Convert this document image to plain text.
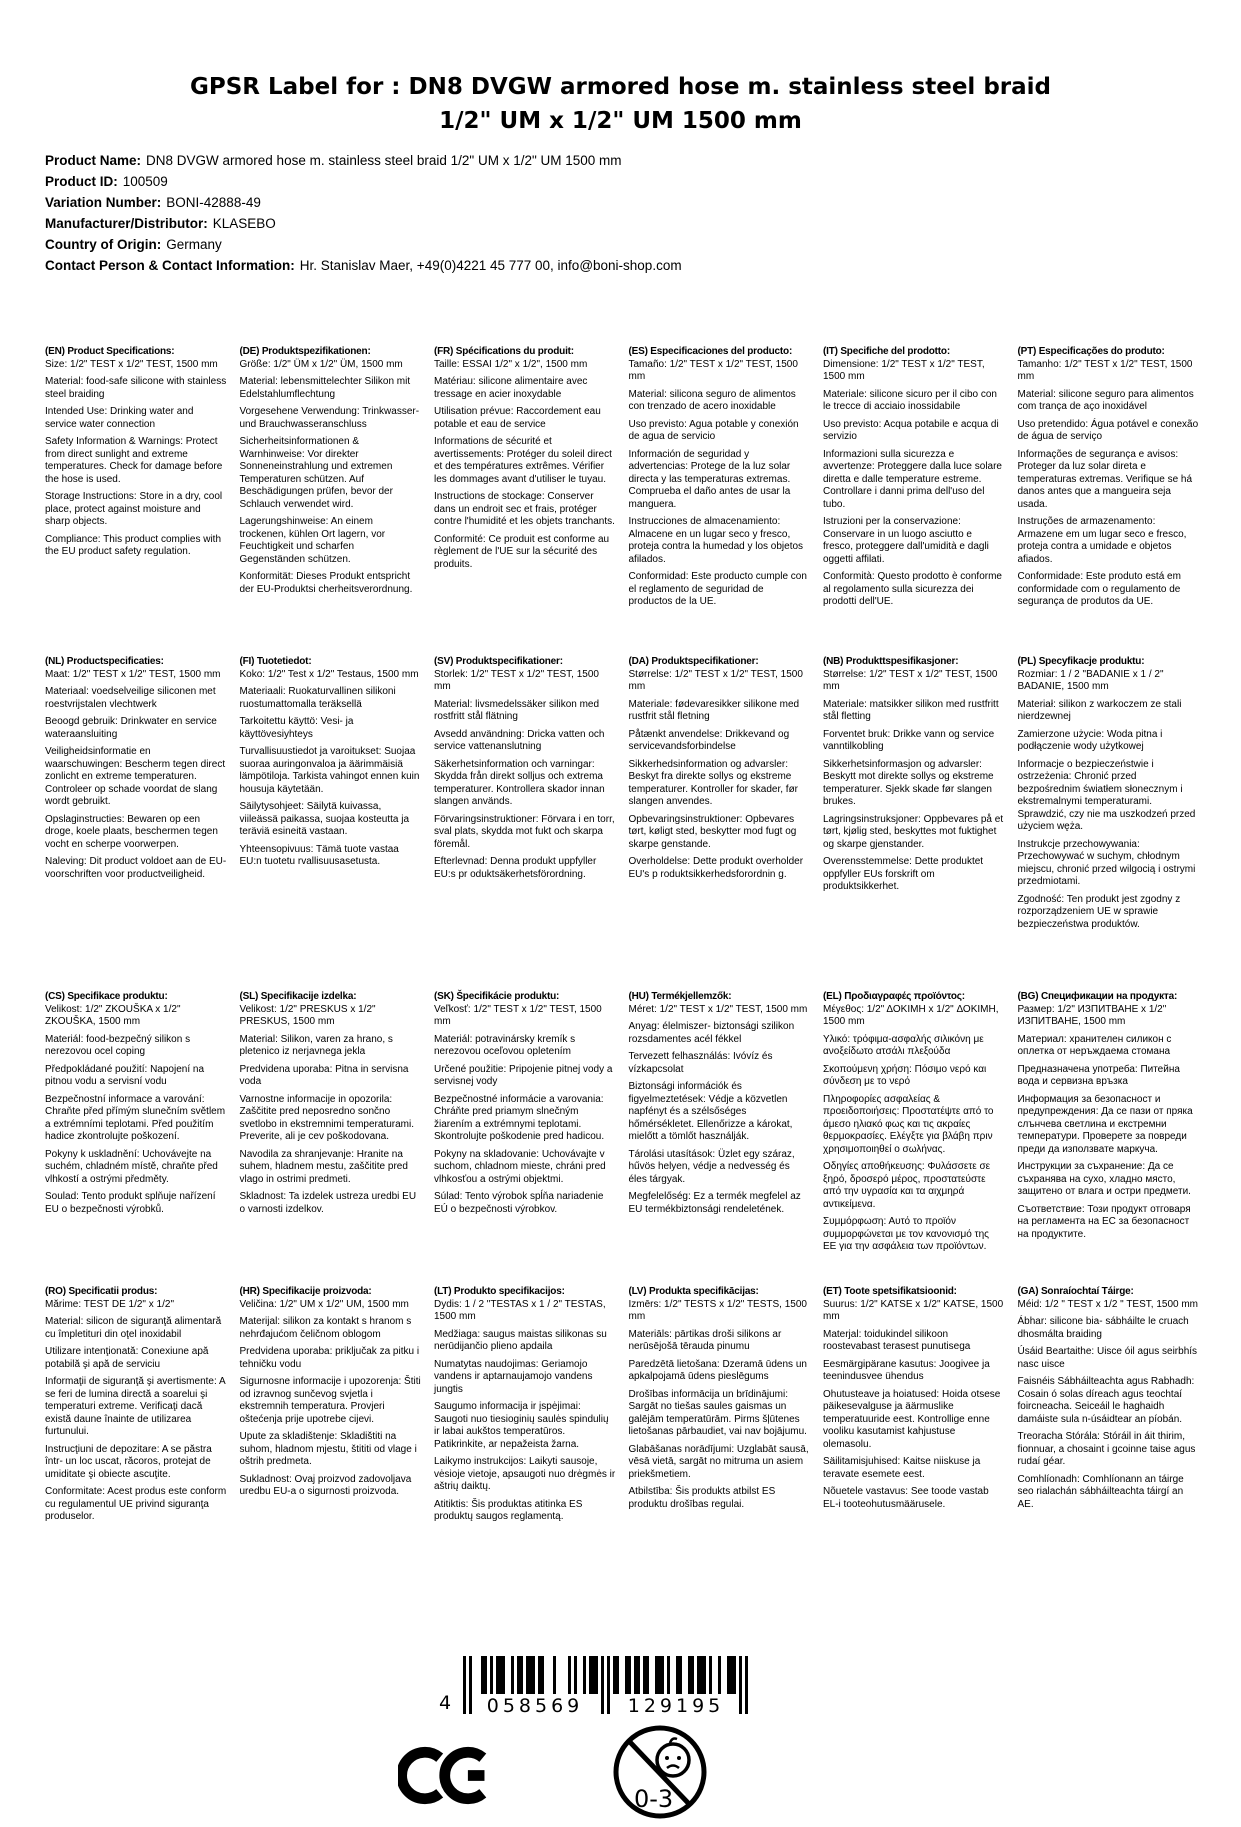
GPSR Label for : DN8 DVGW armored hose m. stainless steel braid
1/2" UM x 1/2" UM 1500 mm
Product Name: DN8 DVGW armored hose m. stainless steel braid 1/2" UM x 1/2" UM 1500 mm
Product ID: 100509
Variation Number: BONI-42888-49
Manufacturer/Distributor: KLASEBO
Country of Origin: Germany
Contact Person & Contact Information: Hr. Stanislav Maer, +49(0)4221 45 777 00, info@boni-shop.com
(EN) Product Specifications:

Size: 1/2" TEST x 1/2" TEST, 1500 mm

Material: food-safe silicone with stainless steel braiding

Intended Use: Drinking water and service water connection

Safety Information & Warnings: Protect from direct sunlight and extreme temperatures. Check for damage before the hose is used.

Storage Instructions: Store in a dry, cool place, protect against moisture and sharp objects.

Compliance: This product complies with the EU product safety regulation.

(DE) Produktspezifikationen:

Größe: 1/2" ÜM x 1/2" ÜM, 1500 mm

Material: lebensmittelechter Silikon mit Edelstahlumflechtung

Vorgesehene Verwendung: Trinkwasser- und Brauchwasseranschluss

Sicherheitsinformationen & Warnhinweise: Vor direkter Sonneneinstrahlung und extremen Temperaturen schützen. Auf Beschädigungen prüfen, bevor der Schlauch verwendet wird.

Lagerungshinweise: An einem trockenen, kühlen Ort lagern, vor Feuchtigkeit und scharfen Gegenständen schützen.

Konformität: Dieses Produkt entspricht der EU-Produktsi cherheitsverordnung.

(FR) Spécifications du produit:

Taille: ESSAI 1/2" x 1/2", 1500 mm

Matériau: silicone alimentaire avec tressage en acier inoxydable

Utilisation prévue: Raccordement eau potable et eau de service

Informations de sécurité et avertissements: Protéger du soleil direct et des températures extrêmes. Vérifier les dommages avant d'utiliser le tuyau.

Instructions de stockage: Conserver dans un endroit sec et frais, protéger contre l'humidité et les objets tranchants.

Conformité: Ce produit est conforme au règlement de l'UE sur la sécurité des produits.

(ES) Especificaciones del producto:

Tamaño: 1/2" TEST x 1/2" TEST, 1500 mm

Material: silicona seguro de alimentos con trenzado de acero inoxidable

Uso previsto: Agua potable y conexión de agua de servicio

Información de seguridad y advertencias: Protege de la luz solar directa y las temperaturas extremas. Comprueba el daño antes de usar la manguera.

Instrucciones de almacenamiento: Almacene en un lugar seco y fresco, proteja contra la humedad y los objetos afilados.

Conformidad: Este producto cumple con el reglamento de seguridad de productos de la UE.

(IT) Specifiche del prodotto:

Dimensione: 1/2" TEST x 1/2" TEST, 1500 mm

Materiale: silicone sicuro per il cibo con le trecce di acciaio inossidabile

Uso previsto: Acqua potabile e acqua di servizio

Informazioni sulla sicurezza e avvertenze: Proteggere dalla luce solare diretta e dalle temperature estreme. Controllare i danni prima dell'uso del tubo.

Istruzioni per la conservazione: Conservare in un luogo asciutto e fresco, proteggere dall'umidità e dagli oggetti affilati.

Conformità: Questo prodotto è conforme al regolamento sulla sicurezza dei prodotti dell'UE.

(PT) Especificações do produto:

Tamanho: 1/2" TEST x 1/2" TEST, 1500 mm

Material: silicone seguro para alimentos com trança de aço inoxidável

Uso pretendido: Água potável e conexão de água de serviço

Informações de segurança e avisos: Proteger da luz solar direta e temperaturas extremas. Verifique se há danos antes que a mangueira seja usada.

Instruções de armazenamento: Armazene em um lugar seco e fresco, proteja contra a umidade e objetos afiados.

Conformidade: Este produto está em conformidade com o regulamento de segurança de produtos da UE.

(NL) Productspecificaties:

Maat: 1/2" TEST x 1/2" TEST, 1500 mm

Materiaal: voedselveilige siliconen met roestvrijstalen vlechtwerk

Beoogd gebruik: Drinkwater en service wateraansluiting

Veiligheidsinformatie en waarschuwingen: Bescherm tegen direct zonlicht en extreme temperaturen. Controleer op schade voordat de slang wordt gebruikt.

Opslaginstructies: Bewaren op een droge, koele plaats, beschermen tegen vocht en scherpe voorwerpen.

Naleving: Dit product voldoet aan de EU-voorschriften voor productveiligheid.

(FI) Tuotetiedot:

Koko: 1/2" Test x 1/2" Testaus, 1500 mm

Materiaali: Ruokaturvallinen silikoni ruostumattomalla teräksellä

Tarkoitettu käyttö: Vesi- ja käyttövesiyhteys

Turvallisuustiedot ja varoitukset: Suojaa suoraa auringonvaloa ja äärimmäisiä lämpötiloja. Tarkista vahingot ennen kuin housuja käytetään.

Säilytysohjeet: Säilytä kuivassa, viileässä paikassa, suojaa kosteutta ja teräviä esineitä vastaan.

Yhteensopivuus: Tämä tuote vastaa EU:n tuotetu rvallisuusasetusta.

(SV) Produktspecifikationer:

Storlek: 1/2" TEST x 1/2" TEST, 1500 mm

Material: livsmedelssäker silikon med rostfritt stål flätning

Avsedd användning: Dricka vatten och service vattenanslutning

Säkerhetsinformation och varningar: Skydda från direkt solljus och extrema temperaturer. Kontrollera skador innan slangen används.

Förvaringsinstruktioner: Förvara i en torr, sval plats, skydda mot fukt och skarpa föremål.

Efterlevnad: Denna produkt uppfyller EU:s pr oduktsäkerhetsförordning.

(DA) Produktspecifikationer:

Størrelse: 1/2" TEST x 1/2" TEST, 1500 mm

Materiale: fødevaresikker silikone med rustfrit stål fletning

Påtænkt anvendelse: Drikkevand og servicevandsforbindelse

Sikkerhedsinformation og advarsler: Beskyt fra direkte sollys og ekstreme temperaturer. Kontroller for skader, før slangen anvendes.

Opbevaringsinstruktioner: Opbevares tørt, køligt sted, beskytter mod fugt og skarpe genstande.

Overholdelse: Dette produkt overholder EU's p roduktsikkerhedsforordnin g.

(NB) Produkttspesifikasjoner:

Størrelse: 1/2" TEST x 1/2" TEST, 1500 mm

Materiale: matsikker silikon med rustfritt stål fletting

Forventet bruk: Drikke vann og service vanntilkobling

Sikkerhetsinformasjon og advarsler: Beskytt mot direkte sollys og ekstreme temperaturer. Sjekk skade før slangen brukes.

Lagringsinstruksjoner: Oppbevares på et tørt, kjølig sted, beskyttes mot fuktighet og skarpe gjenstander.

Overensstemmelse: Dette produktet oppfyller EUs forskrift om produktsikkerhet.

(PL) Specyfikacje produktu:

Rozmiar: 1 / 2 "BADANIE x 1 / 2" BADANIE, 1500 mm

Materiał: silikon z warkoczem ze stali nierdzewnej

Zamierzone użycie: Woda pitna i podłączenie wody użytkowej

Informacje o bezpieczeństwie i ostrzeżenia: Chronić przed bezpośrednim światłem słonecznym i ekstremalnymi temperaturami. Sprawdzić, czy nie ma uszkodzeń przed użyciem węża.

Instrukcje przechowywania: Przechowywać w suchym, chłodnym miejscu, chronić przed wilgocią i ostrymi przedmiotami.

Zgodność: Ten produkt jest zgodny z rozporządzeniem UE w sprawie bezpieczeństwa produktów.

(CS) Specifikace produktu:

Velikost: 1/2" ZKOUŠKA x 1/2" ZKOUŠKA, 1500 mm

Materiál: food-bezpečný silikon s nerezovou ocel coping

Předpokládané použití: Napojení na pitnou vodu a servisní vodu

Bezpečnostní informace a varování: Chraňte před přímým slunečním světlem a extrémními teplotami. Před použitím hadice zkontrolujte poškození.

Pokyny k uskladnění: Uchovávejte na suchém, chladném místě, chraňte před vlhkostí a ostrými předměty.

Soulad: Tento produkt splňuje nařízení EU o bezpečnosti výrobků.

(SL) Specifikacije izdelka:

Velikost: 1/2" PRESKUS x 1/2" PRESKUS, 1500 mm

Material: Silikon, varen za hrano, s pletenico iz nerjavnega jekla

Predvidena uporaba: Pitna in servisna voda

Varnostne informacije in opozorila: Zaščitite pred neposredno sončno svetlobo in ekstremnimi temperaturami. Preverite, ali je cev poškodovana.

Navodila za shranjevanje: Hranite na suhem, hladnem mestu, zaščitite pred vlago in ostrimi predmeti.

Skladnost: Ta izdelek ustreza uredbi EU o varnosti izdelkov.

(SK) Špecifikácie produktu:

Veľkosť: 1/2" TEST x 1/2" TEST, 1500 mm

Materiál: potravinársky kremík s nerezovou oceľovou opletením

Určené použitie: Pripojenie pitnej vody a servisnej vody

Bezpečnostné informácie a varovania: Chráňte pred priamym slnečným žiarením a extrémnymi teplotami. Skontrolujte poškodenie pred hadicou.

Pokyny na skladovanie: Uchovávajte v suchom, chladnom mieste, chráni pred vlhkosťou a ostrými objektmi.

Súlad: Tento výrobok spĺňa nariadenie EÚ o bezpečnosti výrobkov.

(HU) Termékjellemzők:

Méret: 1/2" TEST x 1/2" TEST, 1500 mm

Anyag: élelmiszer- biztonsági szilikon rozsdamentes acél fékkel

Tervezett felhasználás: Ivóvíz és vízkapcsolat

Biztonsági információk és figyelmeztetések: Védje a közvetlen napfényt és a szélsőséges hőmérsékletet. Ellenőrizze a károkat, mielőtt a tömlőt használják.

Tárolási utasítások: Üzlet egy száraz, hűvös helyen, védje a nedvesség és éles tárgyak.

Megfelelőség: Ez a termék megfelel az EU termékbiztonsági rendeletének.

(EL) Προδιαγραφές προϊόντος:

Μέγεθος: 1/2" ΔΟΚΙΜΗ x 1/2" ΔΟΚΙΜΗ, 1500 mm

Υλικό: τρόφιμα-ασφαλής σιλικόνη με ανοξείδωτο ατσάλι πλεξούδα

Σκοπούμενη χρήση: Πόσιμο νερό και σύνδεση με το νερό

Πληροφορίες ασφαλείας & προειδοποιήσεις: Προστατέψτε από το άμεσο ηλιακό φως και τις ακραίες θερμοκρασίες. Ελέγξτε για βλάβη πριν χρησιμοποιηθεί ο σωλήνας.

Οδηγίες αποθήκευσης: Φυλάσσετε σε ξηρό, δροσερό μέρος, προστατεύστε από την υγρασία και τα αιχμηρά αντικείμενα.

Συμμόρφωση: Αυτό το προϊόν συμμορφώνεται με τον κανονισμό της ΕΕ για την ασφάλεια των προϊόντων.

(BG) Спецификации на продукта:

Размер: 1/2" ИЗПИТВАНЕ x 1/2" ИЗПИТВАНЕ, 1500 mm

Материал: хранителен силикон с оплетка от неръждаема стомана

Предназначена употреба: Питейна вода и сервизна връзка

Информация за безопасност и предупреждения: Да се пази от пряка слънчева светлина и екстремни температури. Проверете за повреди преди да използвате маркуча.

Инструкции за съхранение: Да се съхранява на сухо, хладно място, защитено от влага и остри предмети.

Съответствие: Този продукт отговаря на регламента на ЕС за безопасност на продуктите.

(RO) Specificatii produs:

Mărime: TEST DE 1/2" x 1/2"

Material: silicon de siguranţă alimentară cu împletituri din oţel inoxidabil

Utilizare intenţionată: Conexiune apă potabilă şi apă de serviciu

Informaţii de siguranţă şi avertismente: A se feri de lumina directă a soarelui şi temperaturi extreme. Verificaţi dacă există daune înainte de utilizarea furtunului.

Instrucţiuni de depozitare: A se păstra într- un loc uscat, răcoros, protejat de umiditate şi obiecte ascuţite.

Conformitate: Acest produs este conform cu regulamentul UE privind siguranţa produselor.

(HR) Specifikacije proizvoda:

Veličina: 1/2" UM x 1/2" UM, 1500 mm

Materijal: silikon za kontakt s hranom s nehrđajućom čeličnom oblogom

Predvidena uporaba: priključak za pitku i tehničku vodu

Sigurnosne informacije i upozorenja: Štiti od izravnog sunčevog svjetla i ekstremnih temperatura. Provjeri oštećenja prije upotrebe cijevi.

Upute za skladištenje: Skladištiti na suhom, hladnom mjestu, štititi od vlage i oštrih predmeta.

Sukladnost: Ovaj proizvod zadovoljava uredbu EU-a o sigurnosti proizvoda.

(LT) Produkto specifikacijos:

Dydis: 1 / 2 "TESTAS x 1 / 2" TESTAS, 1500 mm

Medžiaga: saugus maistas silikonas su nerūdijančio plieno apdaila

Numatytas naudojimas: Geriamojo vandens ir aptarnaujamojo vandens jungtis

Saugumo informacija ir įspėjimai: Saugoti nuo tiesioginių saulės spindulių ir labai aukštos temperatūros. Patikrinkite, ar nepažeista žarna.

Laikymo instrukcijos: Laikyti sausoje, vėsioje vietoje, apsaugoti nuo drėgmės ir aštrių daiktų.

Atitiktis: Šis produktas atitinka ES produktų saugos reglamentą.

(LV) Produkta specifikācijas:

Izmērs: 1/2" TESTS x 1/2" TESTS, 1500 mm

Materiāls: pārtikas droši silikons ar nerūsējošā tērauda pinumu

Paredzētā lietošana: Dzeramā ūdens un apkalpojamā ūdens pieslēgums

Drošības informācija un brīdinājumi: Sargāt no tiešas saules gaismas un galējām temperatūrām. Pirms šļūtenes lietošanas pārbaudiet, vai nav bojājumu.

Glabāšanas norādījumi: Uzglabāt sausā, vēsā vietā, sargāt no mitruma un asiem priekšmetiem.

Atbilstība: Šis produkts atbilst ES produktu drošības regulai.

(ET) Toote spetsifikatsioonid:

Suurus: 1/2" KATSE x 1/2" KATSE, 1500 mm

Materjal: toidukindel silikoon roostevabast terasest punutisega

Eesmärgipärane kasutus: Joogivee ja teenindusvee ühendus

Ohutusteave ja hoiatused: Hoida otsese päikesevalguse ja äärmuslike temperatuuride eest. Kontrollige enne vooliku kasutamist kahjustuse olemasolu.

Säilitamisjuhised: Kaitse niiskuse ja teravate esemete eest.

Nõuetele vastavus: See toode vastab EL-i tooteohutusmäärusele.

(GA) Sonraíochtaí Táirge:

Méid: 1/2 " TEST x 1/2 " TEST, 1500 mm

Ábhar: silicone bia- sábháilte le cruach dhosmálta braiding

Úsáid Beartaithe: Uisce óil agus seirbhís nasc uisce

Faisnéis Sábháilteachta agus Rabhadh: Cosain ó solas díreach agus teochtaí foircneacha. Seiceáil le haghaidh damáiste sula n-úsáidtear an píobán.

Treoracha Stórála: Stóráil in áit thirim, fionnuar, a chosaint i gcoinne taise agus rudaí géar.

Comhlíonadh: Comhlíonann an táirge seo rialachán sábháilteachta táirgí an AE.

4	058569	129195
0-3
